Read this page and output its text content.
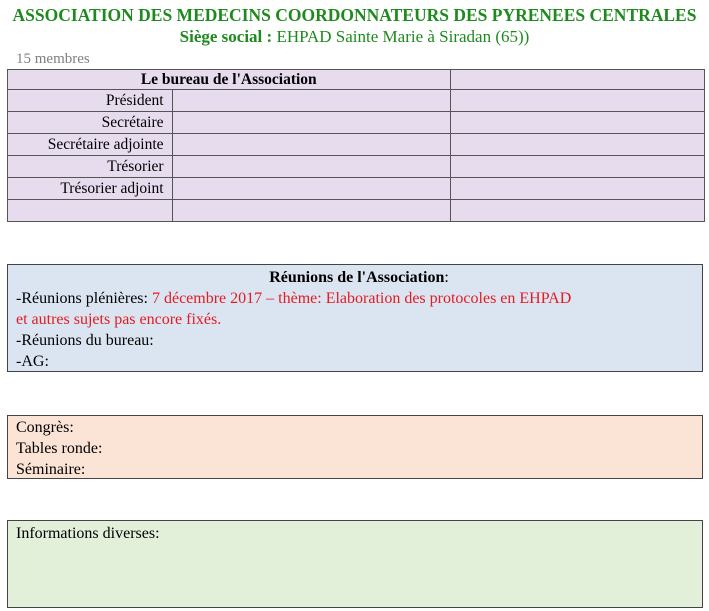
ASSOCIATION DES MEDECINS COORDONNATEURS DES PYRENEES CENTRALES
Siège social : EHPAD Sainte Marie à Siradan (65))
15 membres
Le bureau de l'Association		
Président		
Secrétaire		
Secrétaire adjointe		
Trésorier		
Trésorier adjoint		

Réunions de l'Association:
-Réunions plénières: 7 décembre 2017 – thème: Elaboration des protocoles en EHPAD
et autres sujets pas encore fixés.
-Réunions du bureau:
-AG:
Congrès:
Tables ronde:
Séminaire:
Informations diverses:
